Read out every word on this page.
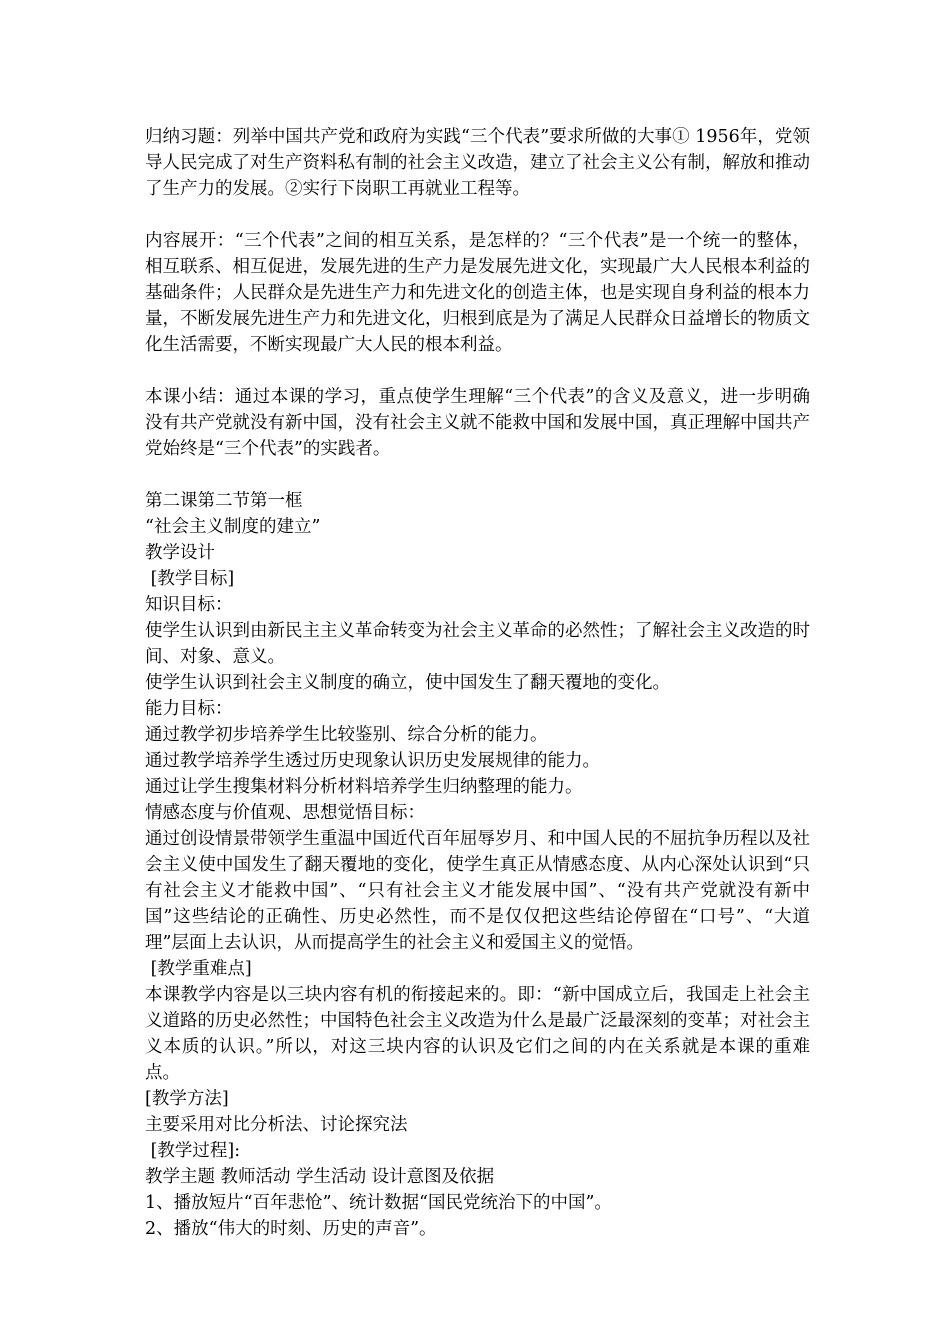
归纳习题：列举中国共产党和政府为实践“三个代表”要求所做的大事① 1956年，党领导人民完成了对生产资料私有制的社会主义改造，建立了社会主义公有制，解放和推动了生产力的发展。②实行下岗职工再就业工程等。

内容展开：“三个代表”之间的相互关系，是怎样的？“三个代表”是一个统一的整体，相互联系、相互促进，发展先进的生产力是发展先进文化，实现最广大人民根本利益的基础条件；人民群众是先进生产力和先进文化的创造主体，也是实现自身利益的根本力量，不断发展先进生产力和先进文化，归根到底是为了满足人民群众日益增长的物质文化生活需要，不断实现最广大人民的根本利益。

本课小结：通过本课的学习，重点使学生理解“三个代表”的含义及意义，进一步明确没有共产党就没有新中国，没有社会主义就不能救中国和发展中国，真正理解中国共产党始终是“三个代表”的实践者。

第二课第二节第一框
“社会主义制度的建立”
教学设计
[教学目标]
知识目标：
使学生认识到由新民主主义革命转变为社会主义革命的必然性；了解社会主义改造的时间、对象、意义。
使学生认识到社会主义制度的确立，使中国发生了翻天覆地的变化。
能力目标：
通过教学初步培养学生比较鉴别、综合分析的能力。
通过教学培养学生透过历史现象认识历史发展规律的能力。
通过让学生搜集材料分析材料培养学生归纳整理的能力。
情感态度与价值观、思想觉悟目标：
通过创设情景带领学生重温中国近代百年屈辱岁月、和中国人民的不屈抗争历程以及社会主义使中国发生了翻天覆地的变化，使学生真正从情感态度、从内心深处认识到“只有社会主义才能救中国”、“只有社会主义才能发展中国”、“没有共产党就没有新中国”这些结论的正确性、历史必然性，而不是仅仅把这些结论停留在“口号”、“大道理”层面上去认识，从而提高学生的社会主义和爱国主义的觉悟。
[教学重难点]
本课教学内容是以三块内容有机的衔接起来的。即：“新中国成立后，我国走上社会主义道路的历史必然性；中国特色社会主义改造为什么是最广泛最深刻的变革；对社会主义本质的认识。”所以，对这三块内容的认识及它们之间的内在关系就是本课的重难点。
[教学方法]
主要采用对比分析法、讨论探究法
[教学过程]:
教学主题 教师活动 学生活动 设计意图及依据
1、播放短片“百年悲怆”、统计数据“国民党统治下的中国”。
2、播放“伟大的时刻、历史的声音”。
